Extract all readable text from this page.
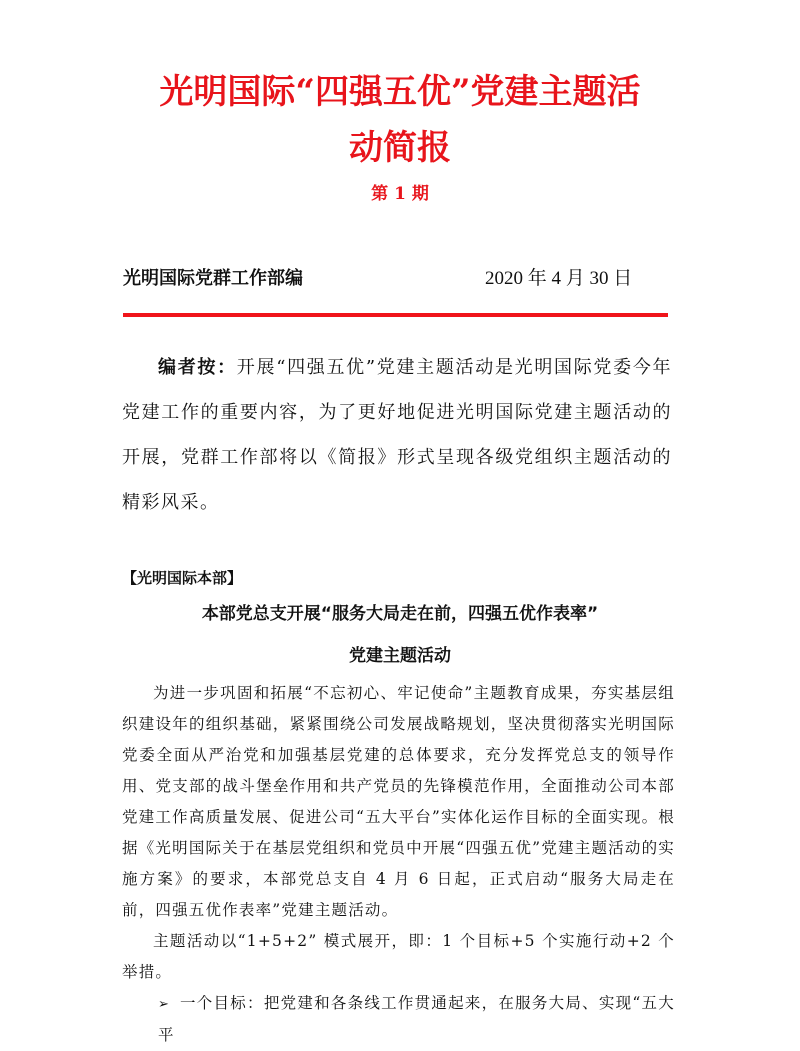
光明国际“四强五优”党建主题活
动简报
第 1 期
光明国际党群工作部编	2020 年 4 月 30 日
编者按：开展“四强五优”党建主题活动是光明国际党委今年党建工作的重要内容，为了更好地促进光明国际党建主题活动的开展，党群工作部将以《简报》形式呈现各级党组织主题活动的精彩风采。
【光明国际本部】
本部党总支开展“服务大局走在前，四强五优作表率”
党建主题活动

为进一步巩固和拓展“不忘初心、牢记使命”主题教育成果，夯实基层组织建设年的组织基础，紧紧围绕公司发展战略规划，坚决贯彻落实光明国际党委全面从严治党和加强基层党建的总体要求，充分发挥党总支的领导作用、党支部的战斗堡垒作用和共产党员的先锋模范作用，全面推动公司本部党建工作高质量发展、促进公司“五大平台”实体化运作目标的全面实现。根据《光明国际关于在基层党组织和党员中开展“四强五优”党建主题活动的实施方案》的要求，本部党总支自 4 月 6 日起，正式启动“服务大局走在前，四强五优作表率”党建主题活动。

主题活动以“1+5+2” 模式展开，即：1 个目标+5 个实施行动+2 个举措。

➢ 一个目标：把党建和各条线工作贯通起来，在服务大局、实现“五大平
